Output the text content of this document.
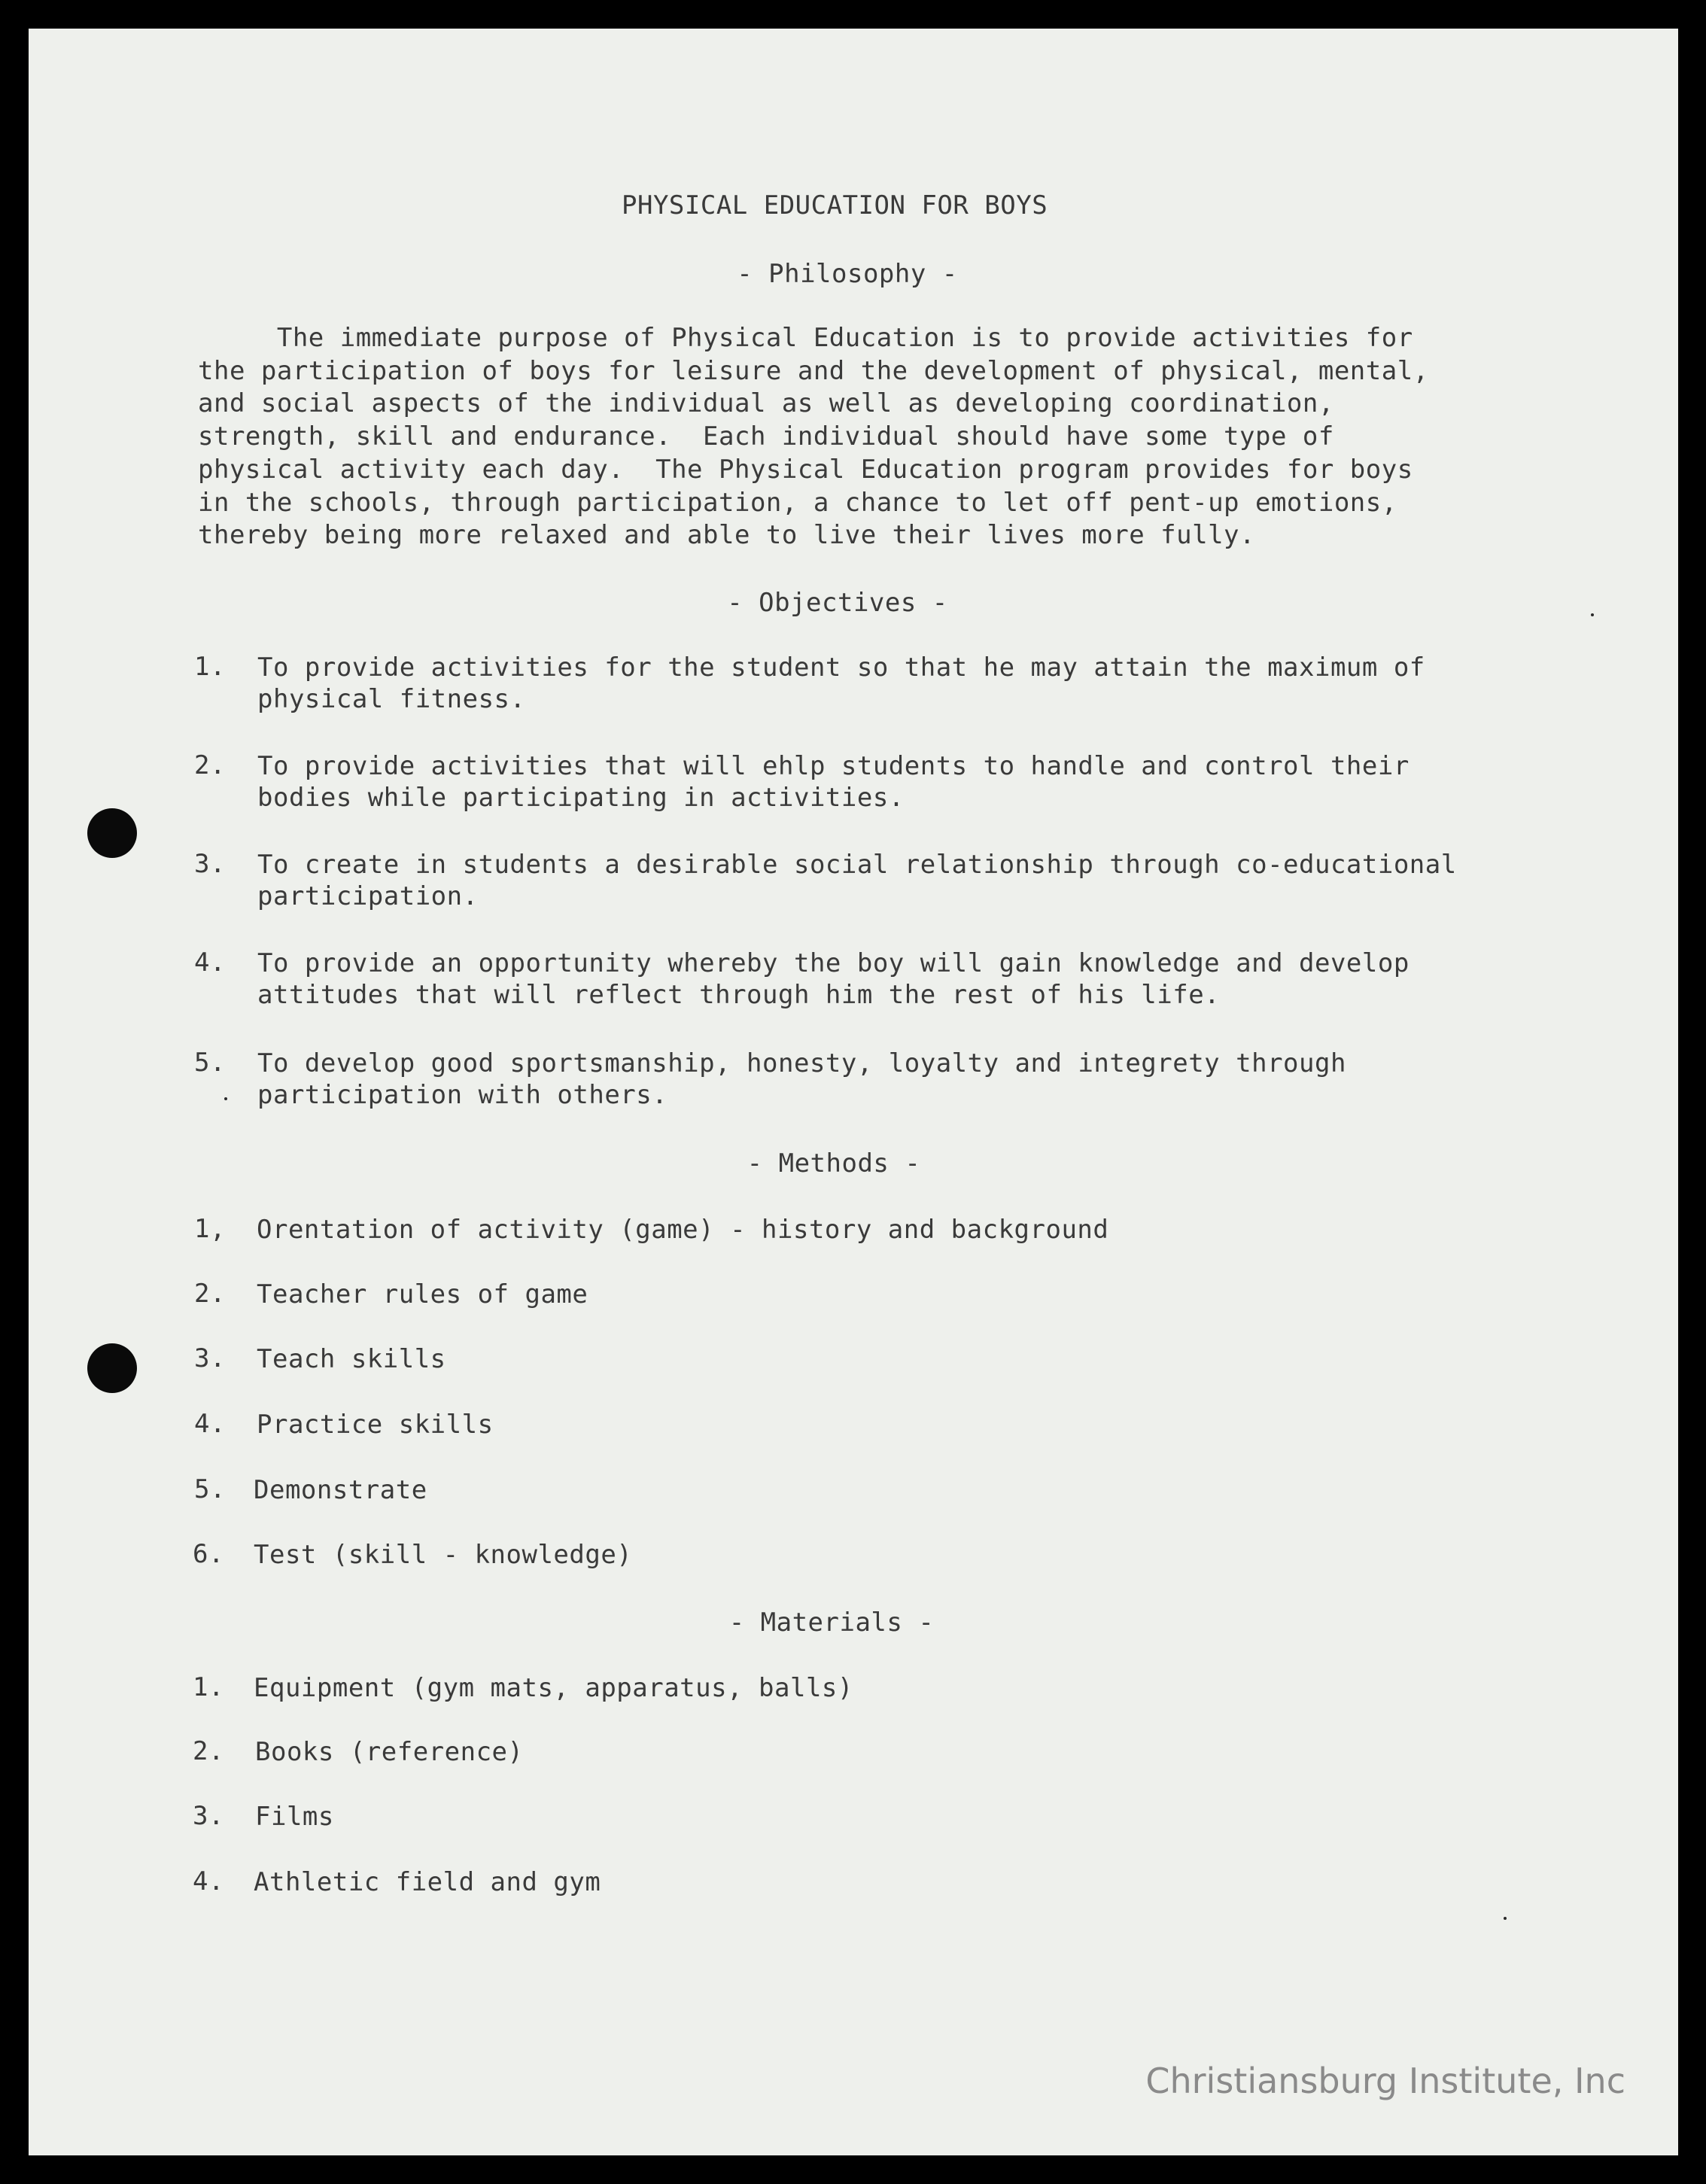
PHYSICAL EDUCATION FOR BOYS
- Philosophy -
The immediate purpose of Physical Education is to provide activities for
the participation of boys for leisure and the development of physical, mental,
and social aspects of the individual as well as developing coordination,
strength, skill and endurance.  Each individual should have some type of
physical activity each day.  The Physical Education program provides for boys
in the schools, through participation, a chance to let off pent-up emotions,
thereby being more relaxed and able to live their lives more fully.
- Objectives -
1.	To provide activities for the student so that he may attain the maximum of
physical fitness.
2.	To provide activities that will ehlp students to handle and control their
bodies while participating in activities.
3.	To create in students a desirable social relationship through co-educational
participation.
4.	To provide an opportunity whereby the boy will gain knowledge and develop
attitudes that will reflect through him the rest of his life.
5.	To develop good sportsmanship, honesty, loyalty and integrety through
participation with others.
- Methods -
1,	Orentation of activity (game) - history and background
2.	Teacher rules of game
3.	Teach skills
4.	Practice skills
5.	Demonstrate
6.	Test (skill - knowledge)
- Materials -
1.	Equipment (gym mats, apparatus, balls)
2.	Books (reference)
3.	Films
4.	Athletic field and gym
Christiansburg Institute, Inc
